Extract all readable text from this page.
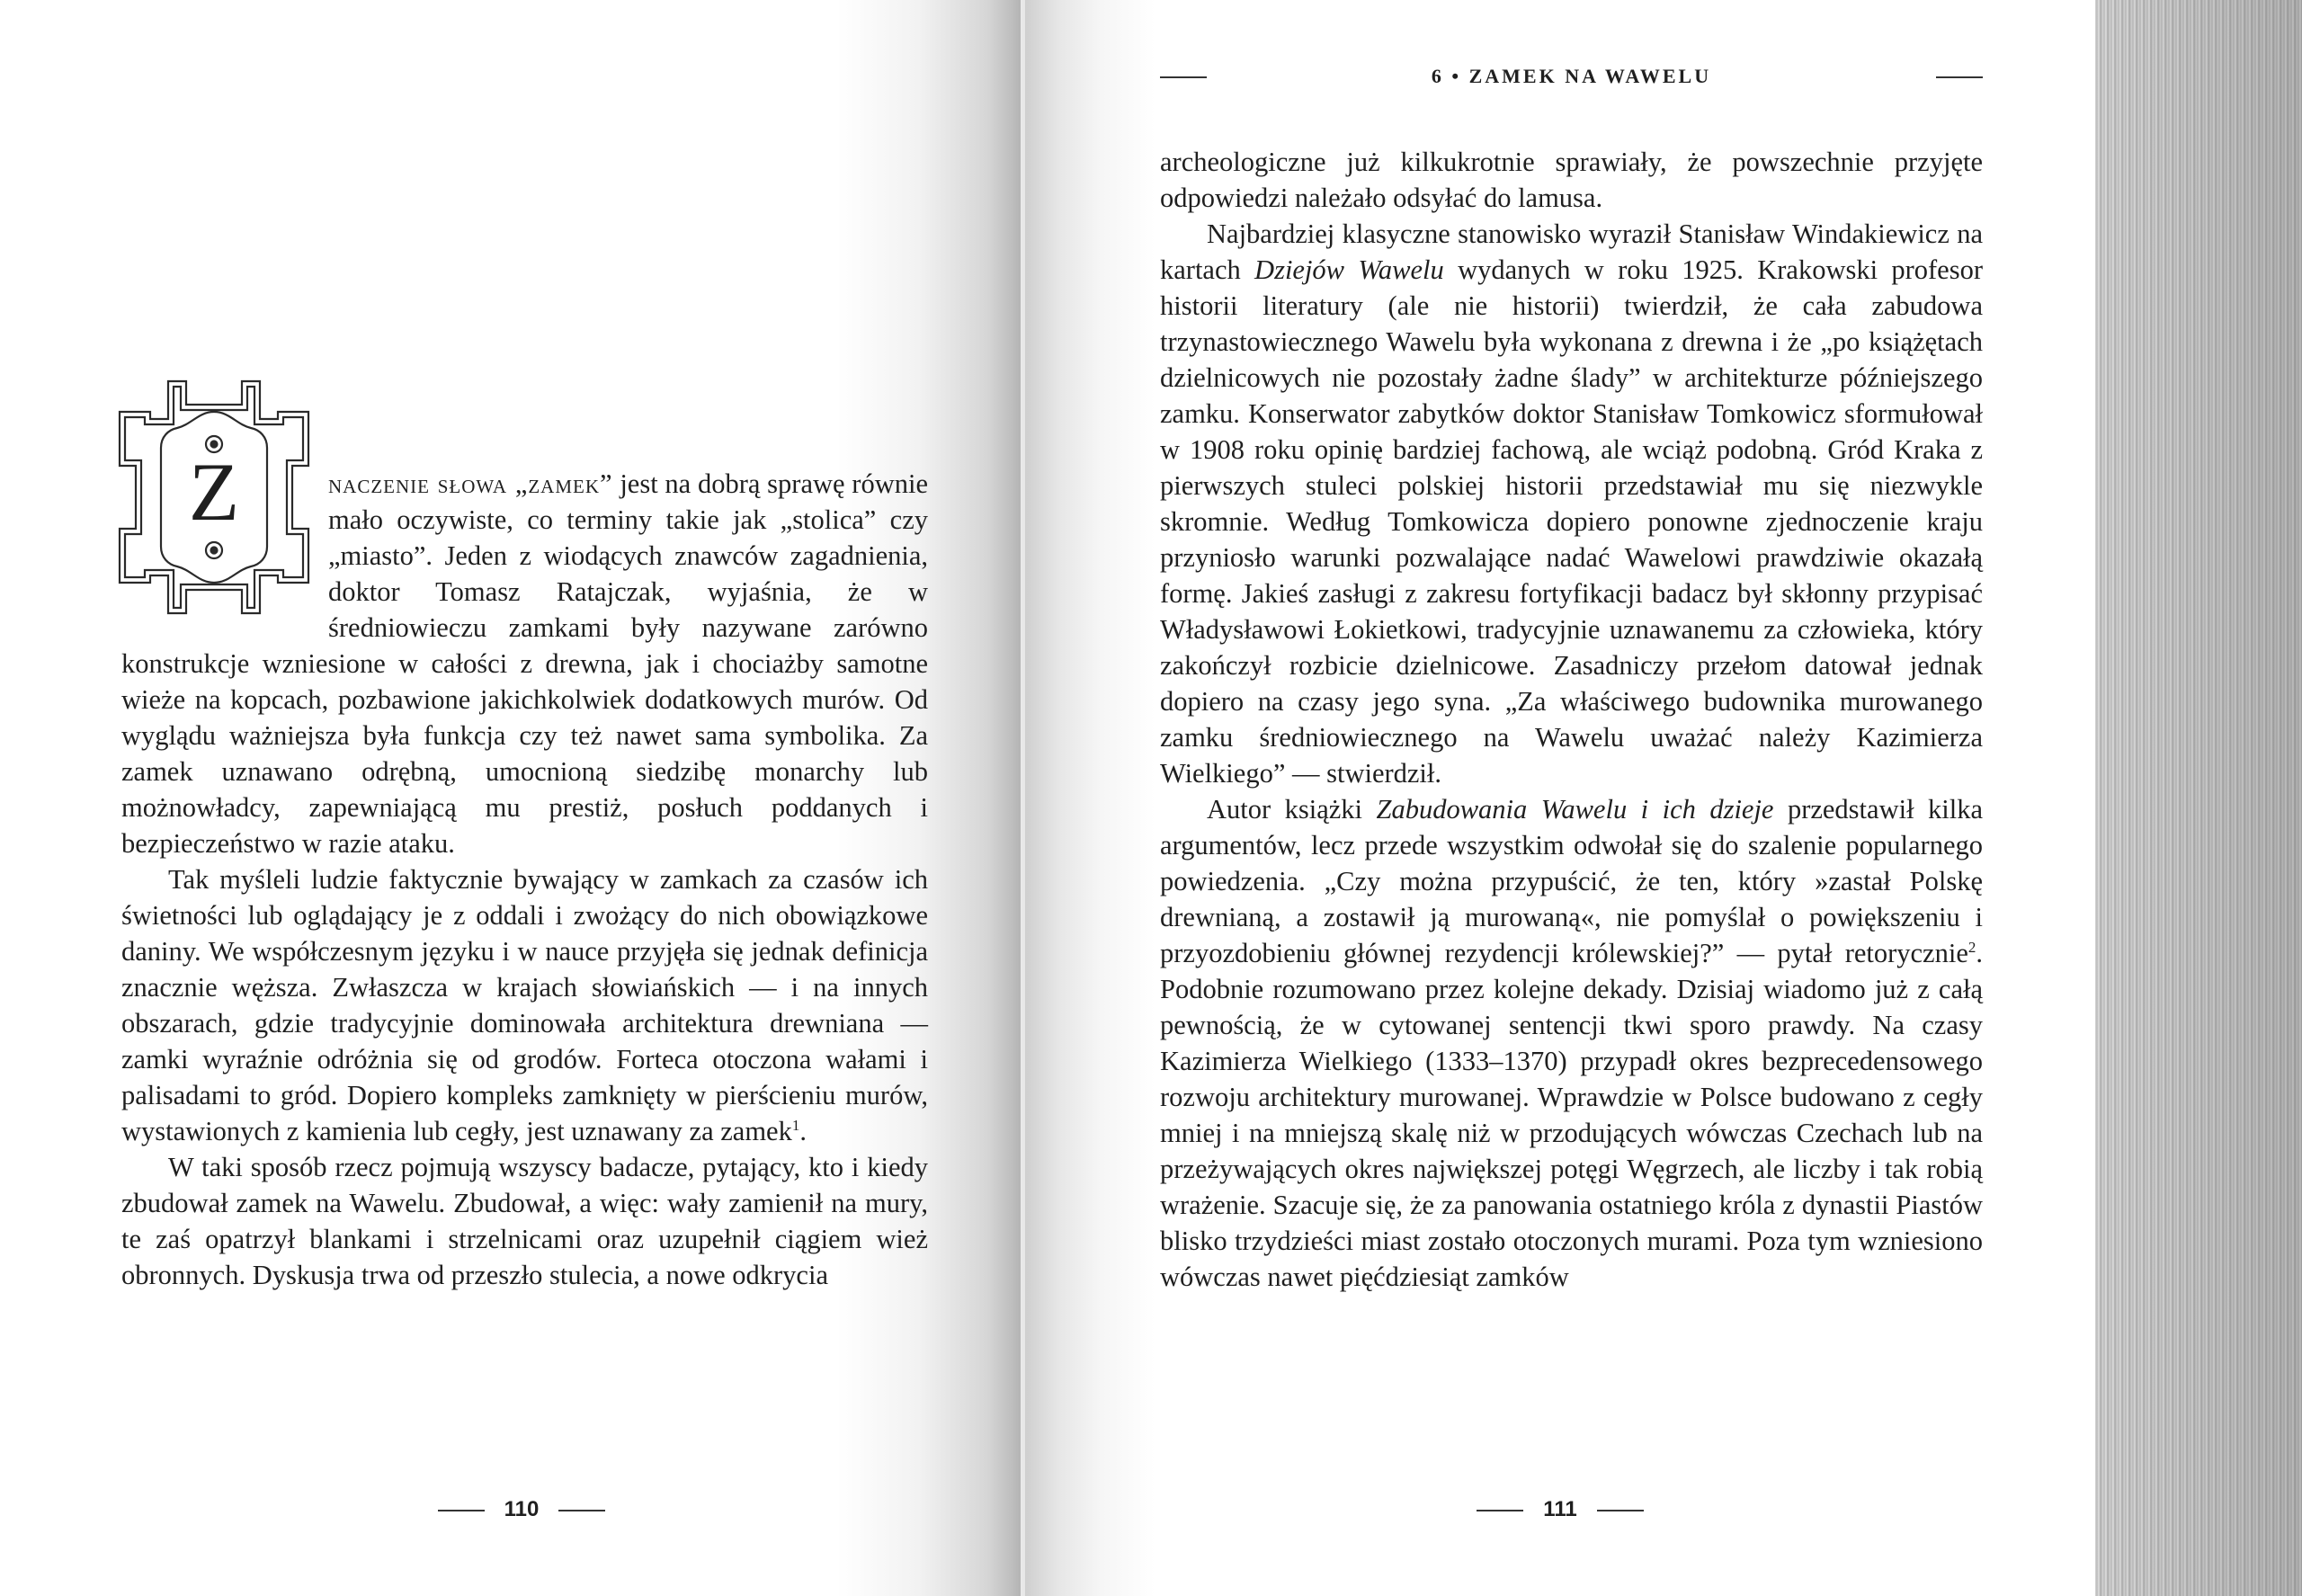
Z	naczenie słowa „zamek” jest na dobrą sprawę równie mało oczywiste, co terminy takie jak „stolica” czy „miasto”. Jeden z wiodących znawców zagadnienia, doktor Tomasz Ratajczak, wyjaśnia, że w średniowieczu zamkami były nazywane zarówno konstrukcje wzniesione w całości z drewna, jak i chociażby samotne wieże na kopcach, pozbawione jakichkolwiek dodatkowych murów. Od wyglądu ważniejsza była funkcja czy też nawet sama symbolika. Za zamek uznawano odrębną, umocnioną siedzibę monarchy lub możnowładcy, zapewniającą mu prestiż, posłuch poddanych i bezpieczeństwo w razie ataku.

Tak myśleli ludzie faktycznie bywający w zamkach za czasów ich świetności lub oglądający je z oddali i zwożący do nich obowiązkowe daniny. We współczesnym języku i w nauce przyjęła się jednak definicja znacznie węższa. Zwłaszcza w krajach słowiańskich — i na innych obszarach, gdzie tradycyjnie dominowała architektura drewniana — zamki wyraźnie odróżnia się od grodów. Forteca otoczona wałami i palisadami to gród. Dopiero kompleks zamknięty w pierścieniu murów, wystawionych z kamienia lub cegły, jest uznawany za zamek$^1$.

W taki sposób rzecz pojmują wszyscy badacze, pytający, kto i kiedy zbudował zamek na Wawelu. Zbudował, a więc: wały zamienił na mury, te zaś opatrzył blankami i strzelnicami oraz uzupełnił ciągiem wież obronnych. Dyskusja trwa od przeszło stulecia, a nowe odkrycia

110
6 • ZAMEK NA WAWELU

archeologiczne już kilkukrotnie sprawiały, że powszechnie przyjęte odpowiedzi należało odsyłać do lamusa.

Najbardziej klasyczne stanowisko wyraził Stanisław Windakiewicz na kartach Dziejów Wawelu wydanych w roku 1925. Krakowski profesor historii literatury (ale nie historii) twierdził, że cała zabudowa trzynastowiecznego Wawelu była wykonana z drewna i że „po książętach dzielnicowych nie pozostały żadne ślady” w architekturze późniejszego zamku. Konserwator zabytków doktor Stanisław Tomkowicz sformułował w 1908 roku opinię bardziej fachową, ale wciąż podobną. Gród Kraka z pierwszych stuleci polskiej historii przedstawiał mu się niezwykle skromnie. Według Tomkowicza dopiero ponowne zjednoczenie kraju przyniosło warunki pozwalające nadać Wawelowi prawdziwie okazałą formę. Jakieś zasługi z zakresu fortyfikacji badacz był skłonny przypisać Władysławowi Łokietkowi, tradycyjnie uznawanemu za człowieka, który zakończył rozbicie dzielnicowe. Zasadniczy przełom datował jednak dopiero na czasy jego syna. „Za właściwego budownika murowanego zamku średniowiecznego na Wawelu uważać należy Kazimierza Wielkiego” — stwierdził.

Autor książki Zabudowania Wawelu i ich dzieje przedstawił kilka argumentów, lecz przede wszystkim odwołał się do szalenie popularnego powiedzenia. „Czy można przypuścić, że ten, który »zastał Polskę drewnianą, a zostawił ją murowaną«, nie pomyślał o powiększeniu i przyozdobieniu głównej rezydencji królewskiej?” — pytał retorycznie$^2$. Podobnie rozumowano przez kolejne dekady. Dzisiaj wiadomo już z całą pewnością, że w cytowanej sentencji tkwi sporo prawdy. Na czasy Kazimierza Wielkiego (1333–1370) przypadł okres bezprecedensowego rozwoju architektury murowanej. Wprawdzie w Polsce budowano z cegły mniej i na mniejszą skalę niż w przodujących wówczas Czechach lub na przeżywających okres największej potęgi Węgrzech, ale liczby i tak robią wrażenie. Szacuje się, że za panowania ostatniego króla z dynastii Piastów blisko trzydzieści miast zostało otoczonych murami. Poza tym wzniesiono wówczas nawet pięćdziesiąt zamków

111
